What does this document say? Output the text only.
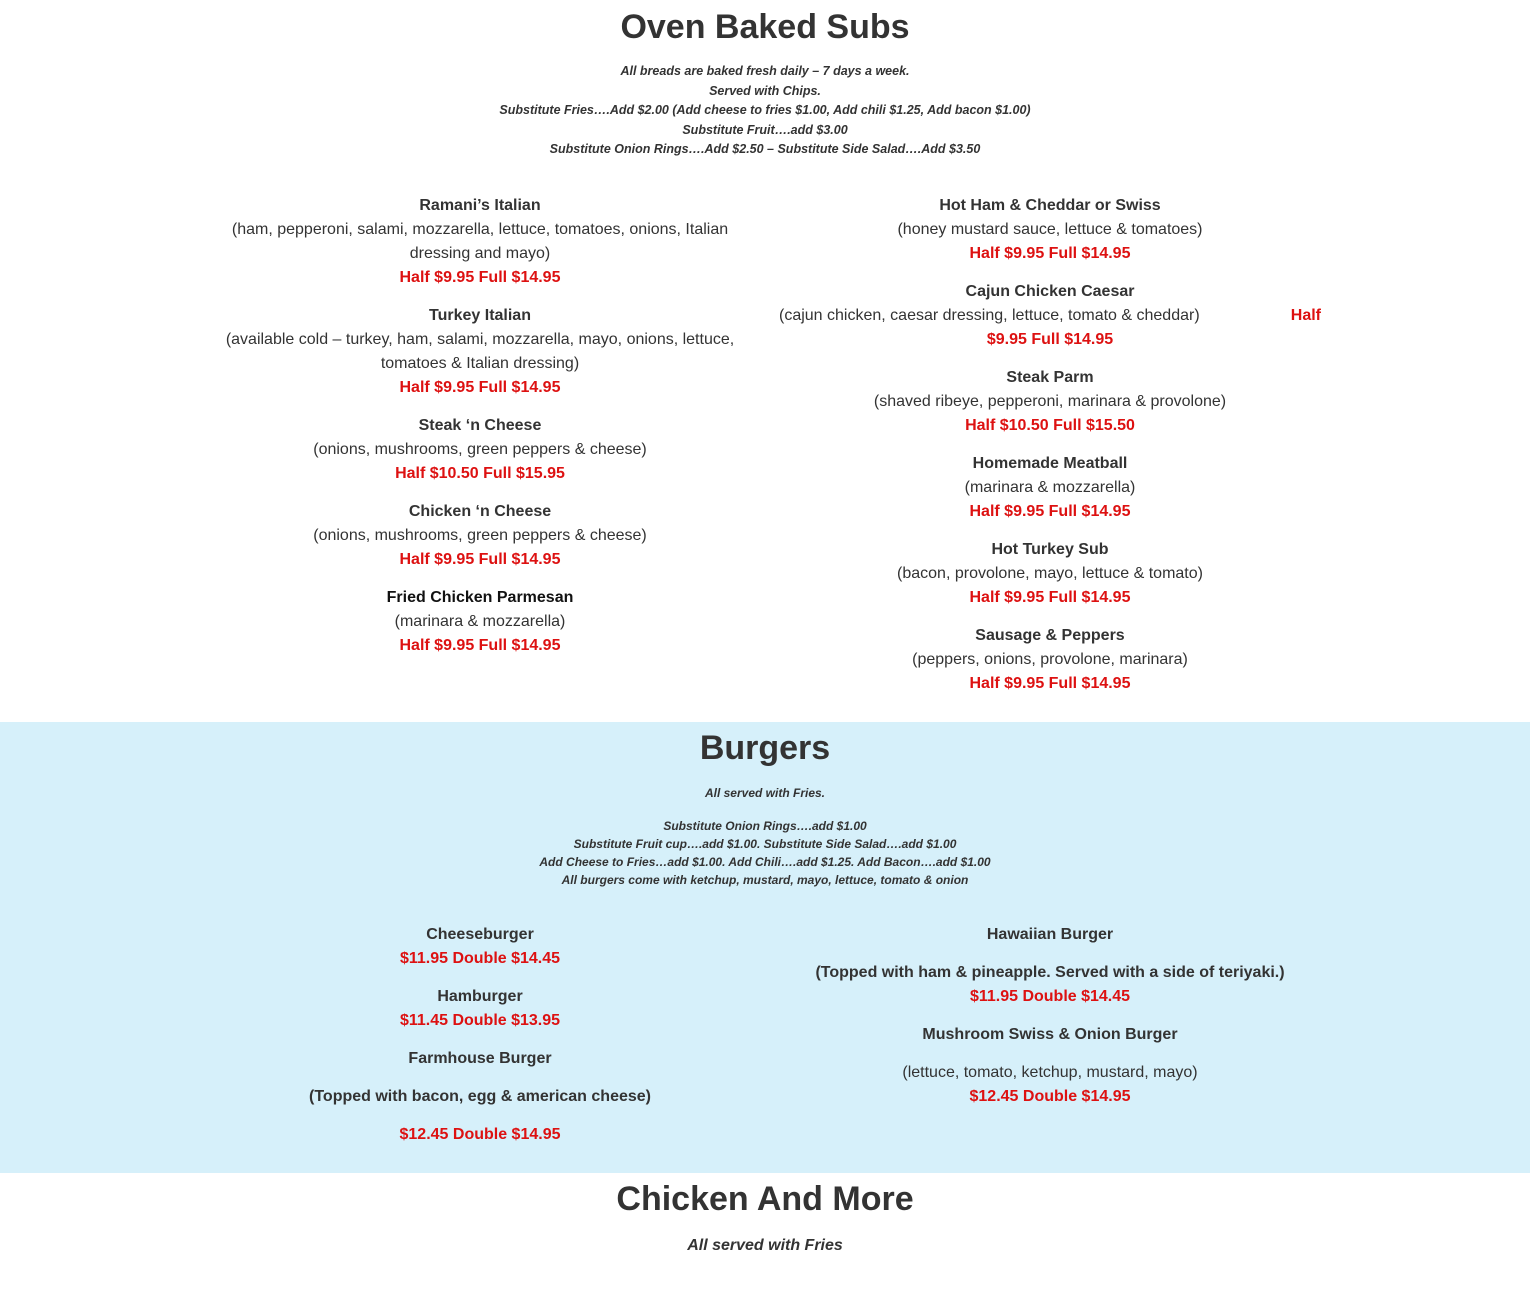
Oven Baked Subs
All breads are baked fresh daily – 7 days a week.
Served with Chips.
Substitute Fries….Add $2.00 (Add cheese to fries $1.00, Add chili $1.25, Add bacon $1.00)
Substitute Fruit….add $3.00
Substitute Onion Rings….Add $2.50 – Substitute Side Salad….Add $3.50
Ramani’s Italian
(ham, pepperoni, salami, mozzarella, lettuce, tomatoes, onions, Italian dressing and mayo)
Half $9.95 Full $14.95
Turkey Italian
(available cold – turkey, ham, salami, mozzarella, mayo, onions, lettuce, tomatoes & Italian dressing)
Half $9.95 Full $14.95
Steak ‘n Cheese
(onions, mushrooms, green peppers & cheese)
Half $10.50 Full $15.95
Chicken ‘n Cheese
(onions, mushrooms, green peppers & cheese)
Half $9.95 Full $14.95
Fried Chicken Parmesan
(marinara & mozzarella)
Half $9.95 Full $14.95
Hot Ham & Cheddar or Swiss
(honey mustard sauce, lettuce & tomatoes)
Half $9.95 Full $14.95
Cajun Chicken Caesar
(cajun chicken, caesar dressing, lettuce, tomato & cheddar)	Half
$9.95 Full $14.95
Steak Parm
(shaved ribeye, pepperoni, marinara & provolone)
Half $10.50 Full $15.50
Homemade Meatball
(marinara & mozzarella)
Half $9.95 Full $14.95
Hot Turkey Sub
(bacon, provolone, mayo, lettuce & tomato)
Half $9.95 Full $14.95
Sausage & Peppers
(peppers, onions, provolone, marinara)
Half $9.95 Full $14.95
Burgers
All served with Fries.
Substitute Onion Rings….add $1.00
Substitute Fruit cup….add $1.00. Substitute Side Salad….add $1.00
Add Cheese to Fries…add $1.00. Add Chili….add $1.25. Add Bacon….add $1.00
All burgers come with ketchup, mustard, mayo, lettuce, tomato & onion
Cheeseburger
$11.95 Double $14.45
Hamburger
$11.45 Double $13.95
Farmhouse Burger
(Topped with bacon, egg & american cheese)
$12.45 Double $14.95
Hawaiian Burger
(Topped with ham & pineapple. Served with a side of teriyaki.)
$11.95 Double $14.45
Mushroom Swiss & Onion Burger
(lettuce, tomato, ketchup, mustard, mayo)
$12.45 Double $14.95
Chicken And More
All served with Fries
